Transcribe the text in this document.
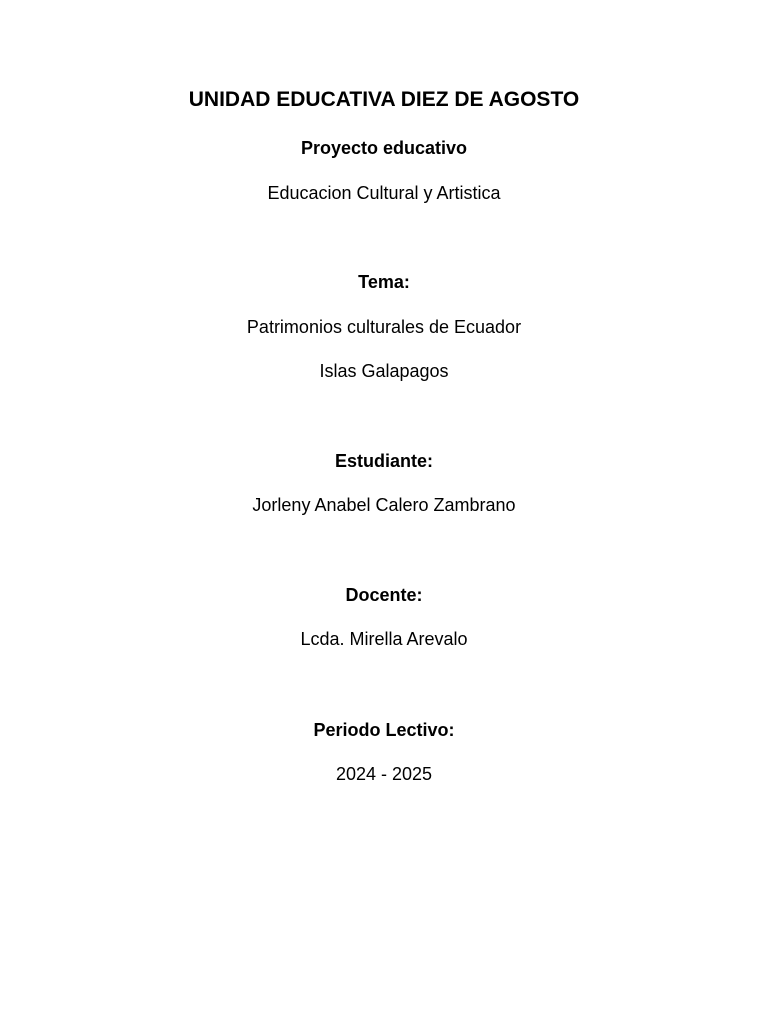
UNIDAD EDUCATIVA DIEZ DE AGOSTO
Proyecto educativo
Educacion Cultural y Artistica
Tema:
Patrimonios culturales de Ecuador
Islas Galapagos
Estudiante:
Jorleny Anabel Calero Zambrano
Docente:
Lcda. Mirella Arevalo
Periodo Lectivo:
2024 - 2025
